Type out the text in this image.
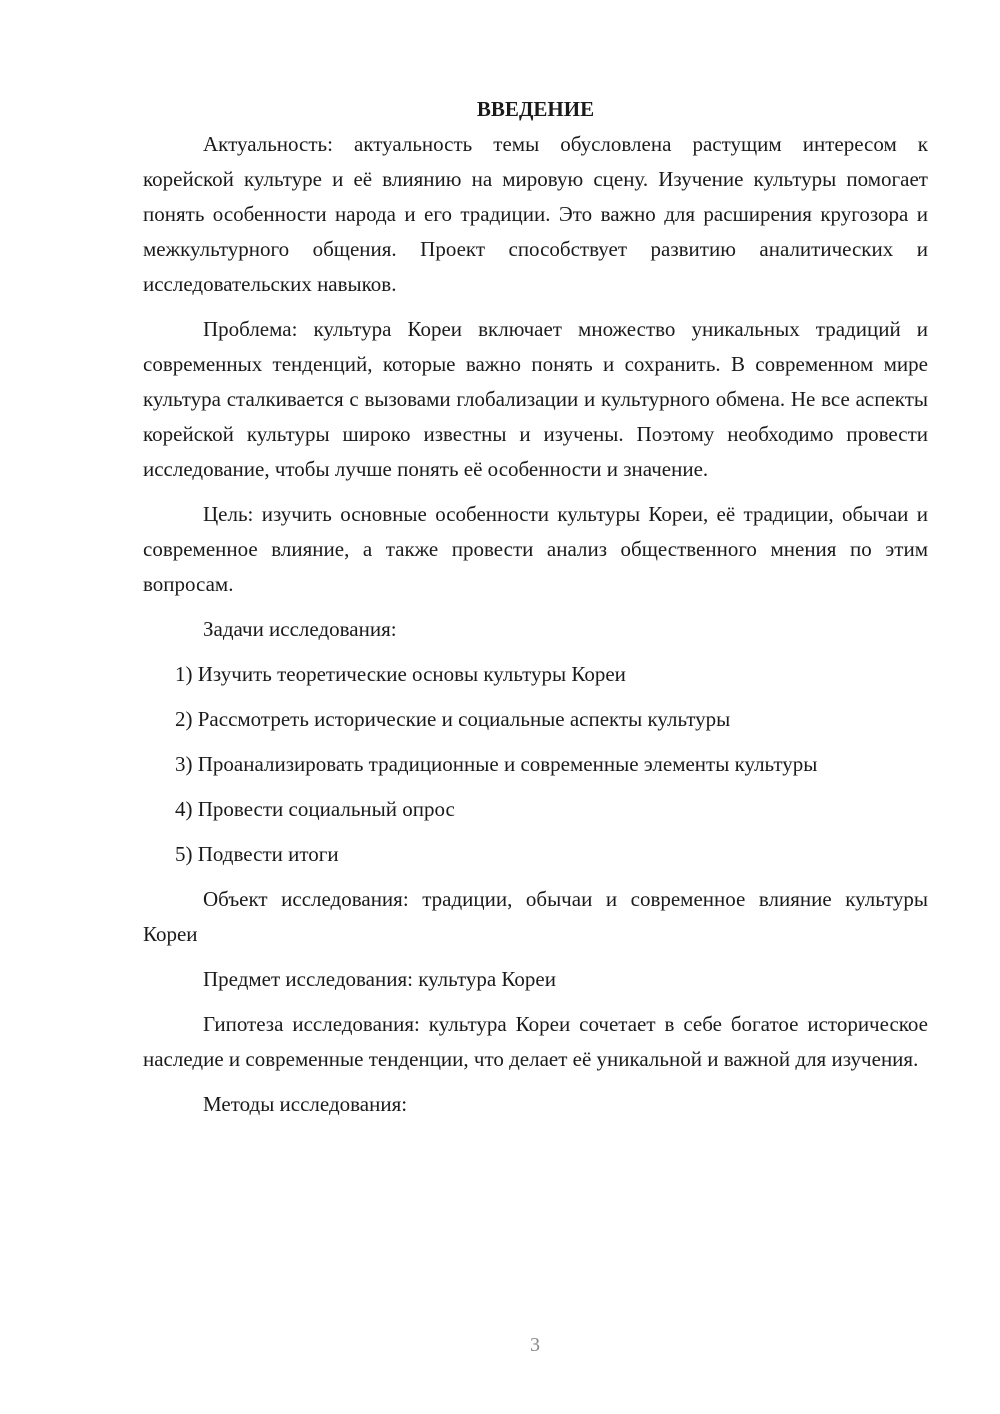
ВВЕДЕНИЕ

Актуальность: актуальность темы обусловлена растущим интересом к корейской культуре и её влиянию на мировую сцену. Изучение культуры помогает понять особенности народа и его традиции. Это важно для расширения кругозора и межкультурного общения. Проект способствует развитию аналитических и исследовательских навыков.

Проблема: культура Кореи включает множество уникальных традиций и современных тенденций, которые важно понять и сохранить. В современном мире культура сталкивается с вызовами глобализации и культурного обмена. Не все аспекты корейской культуры широко известны и изучены. Поэтому необходимо провести исследование, чтобы лучше понять её особенности и значение.

Цель: изучить основные особенности культуры Кореи, её традиции, обычаи и современное влияние, а также провести анализ общественного мнения по этим вопросам.

Задачи исследования:

1) Изучить теоретические основы культуры Кореи

2) Рассмотреть исторические и социальные аспекты культуры

3) Проанализировать традиционные и современные элементы культуры

4) Провести социальный опрос

5) Подвести итоги

Объект исследования: традиции, обычаи и современное влияние культуры Кореи

Предмет исследования: культура Кореи

Гипотеза исследования: культура Кореи сочетает в себе богатое историческое наследие и современные тенденции, что делает её уникальной и важной для изучения.

Методы исследования:

3
